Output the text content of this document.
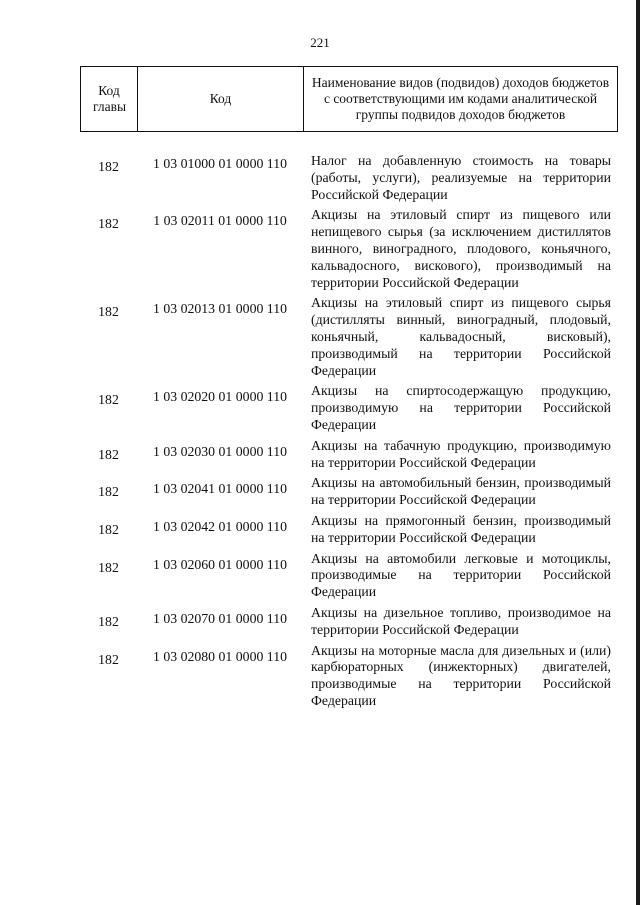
221
Код главы	Код	Наименование видов (подвидов) доходов бюджетов с соответствующими им кодами аналитической группы подвидов доходов бюджетов
182	1 03 01000 01 0000 110	Налог на добавленную стоимость на товары (работы, услуги), реализуемые на территории Российской Федерации
182	1 03 02011 01 0000 110	Акцизы на этиловый спирт из пищевого или непищевого сырья (за исключением дистиллятов винного, виноградного, плодового, коньячного, кальвадосного, вискового), производимый на территории Российской Федерации
182	1 03 02013 01 0000 110	Акцизы на этиловый спирт из пищевого сырья (дистилляты винный, виноградный, плодовый, коньячный, кальвадосный, висковый), производимый на территории Российской Федерации
182	1 03 02020 01 0000 110	Акцизы на спиртосодержащую продукцию, производимую на территории Российской Федерации
182	1 03 02030 01 0000 110	Акцизы на табачную продукцию, производимую на территории Российской Федерации
182	1 03 02041 01 0000 110	Акцизы на автомобильный бензин, производимый на территории Российской Федерации
182	1 03 02042 01 0000 110	Акцизы на прямогонный бензин, производимый на территории Российской Федерации
182	1 03 02060 01 0000 110	Акцизы на автомобили легковые и мотоциклы, производимые на территории Российской Федерации
182	1 03 02070 01 0000 110	Акцизы на дизельное топливо, производимое на территории Российской Федерации
182	1 03 02080 01 0000 110	Акцизы на моторные масла для дизельных и (или) карбюраторных (инжекторных) двигателей, производимые на территории Российской Федерации
